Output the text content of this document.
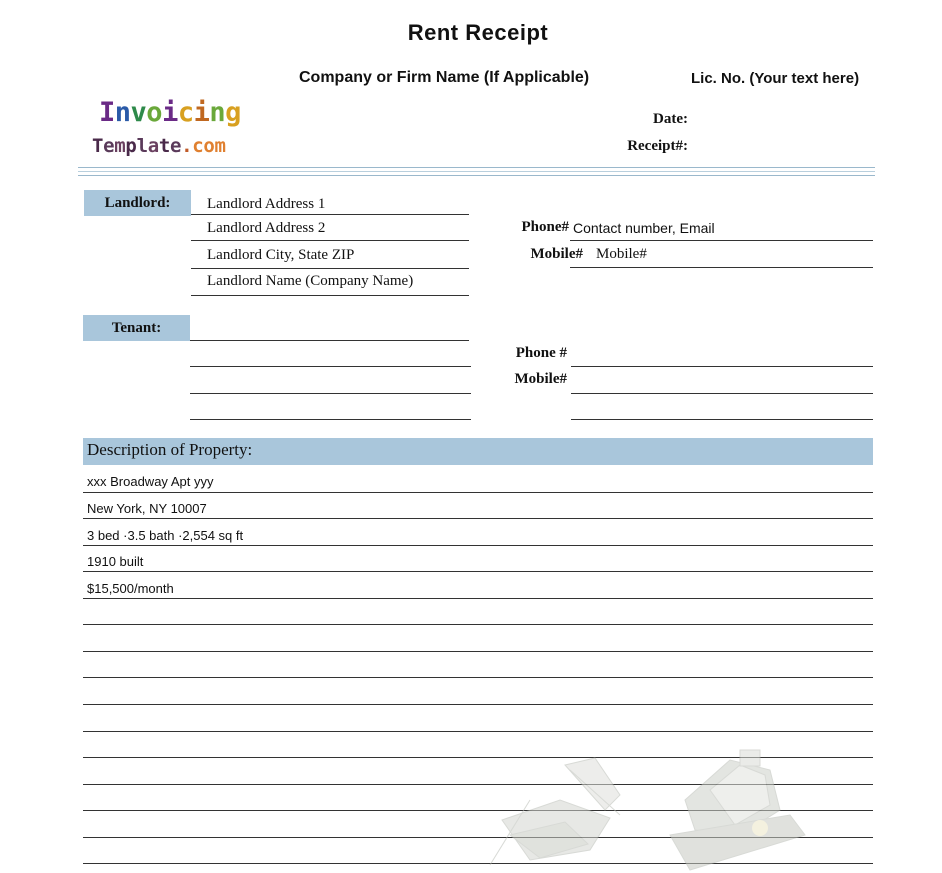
Rent Receipt
Company or Firm Name (If Applicable)	Lic. No. (Your text here)
Invoicing
Template.com
Date:
Receipt#:
Landlord:	Landlord Address 1
Landlord Address 2
Landlord City, State ZIP
Landlord Name (Company Name)
Phone# Contact number, Email
Mobile# Mobile#
Tenant:
Phone #
Mobile#
Description of Property:
xxx Broadway Apt yyy
New York, NY 10007
3 bed ·3.5 bath ·2,554 sq ft
1910 built
$15,500/month
